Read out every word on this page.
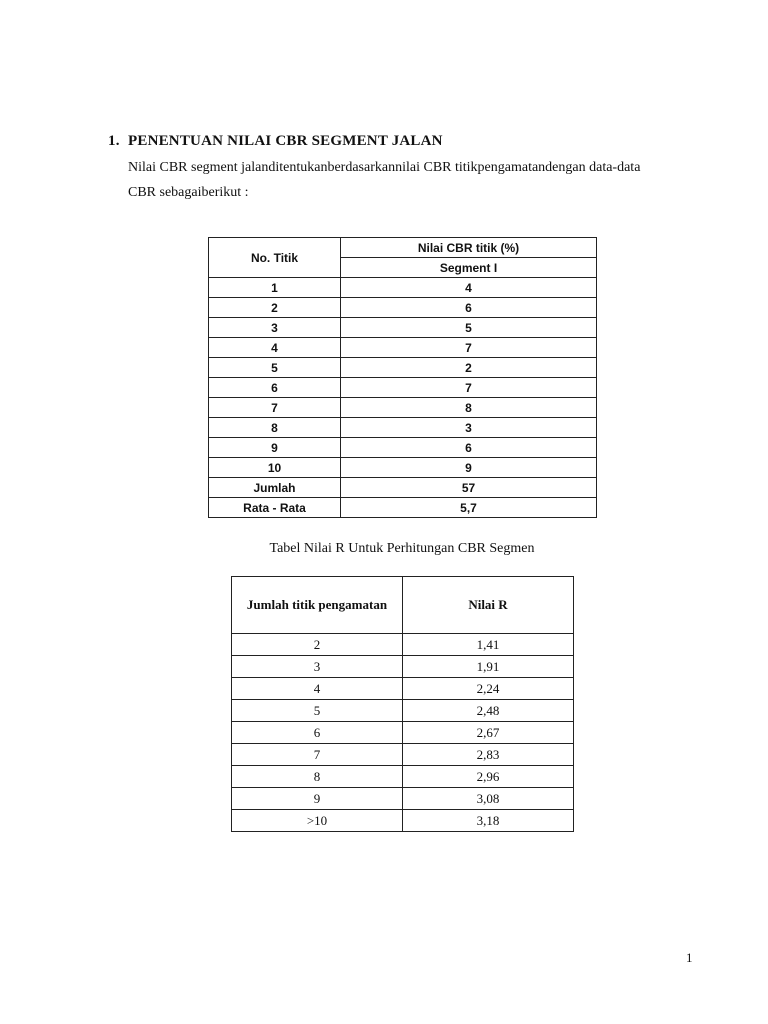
1. PENENTUAN NILAI CBR SEGMENT JALAN
Nilai CBR segment jalanditentukanberdasarkannilai CBR titikpengamatandengan data-data
CBR sebagaiberikut :
No. Titik	Nilai CBR titik (%)
	Segment I
1	4
2	6
3	5
4	7
5	2
6	7
7	8
8	3
9	6
10	9
Jumlah	57
Rata - Rata	5,7
Tabel Nilai R Untuk Perhitungan CBR Segmen
Jumlah titik pengamatan	Nilai R
2	1,41
3	1,91
4	2,24
5	2,48
6	2,67
7	2,83
8	2,96
9	3,08
>10	3,18
1
